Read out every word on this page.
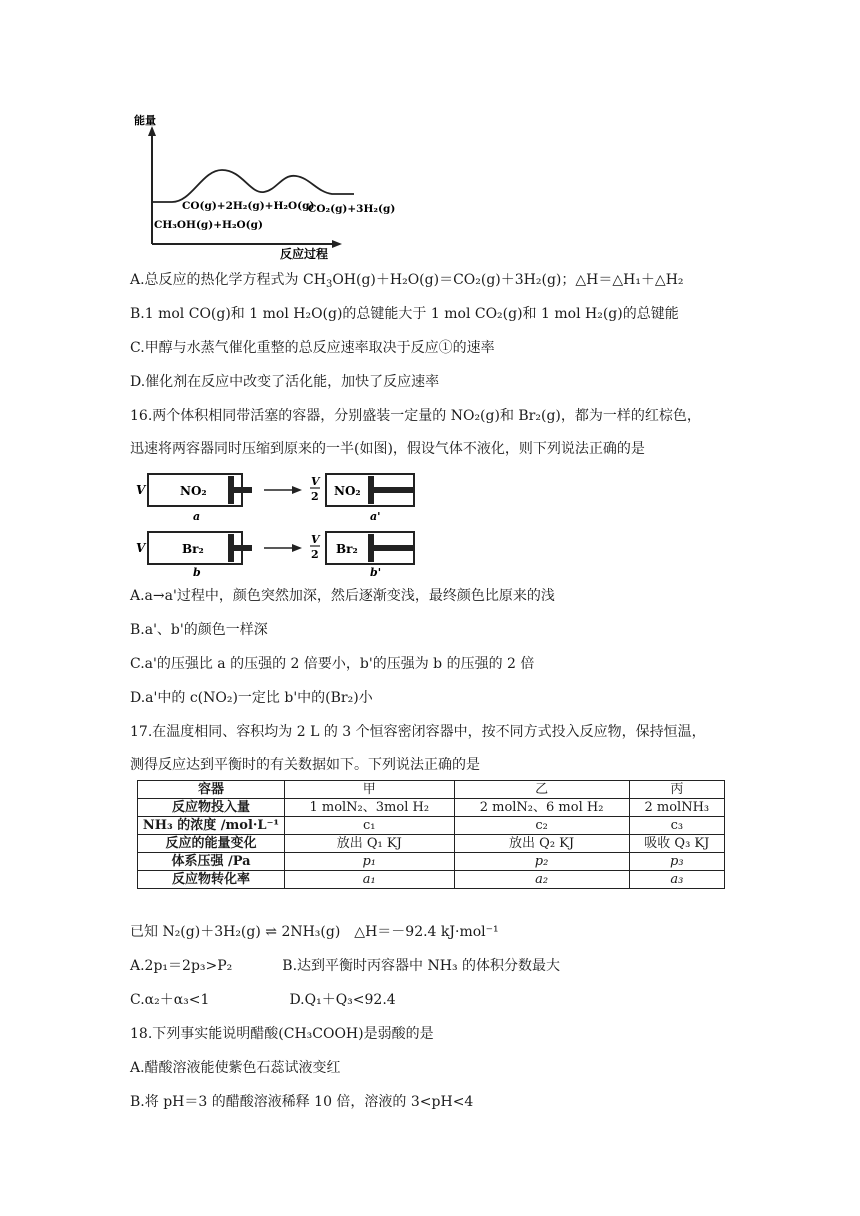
能量
CO(g)+2H₂(g)+H₂O(g)
CO₂(g)+3H₂(g)
CH₃OH(g)+H₂O(g)
反应过程
A.总反应的热化学方程式为 $CH_3OH(g)+H_2O(g)=CO_2(g)+3H_2(g)$；△H＝△H₁＋△H₂
B.1 mol CO(g)和 1 mol H₂O(g)的总键能大于 1 mol CO₂(g)和 1 mol H₂(g)的总键能
C.甲醇与水蒸气催化重整的总反应速率取决于反应①的速率
D.催化剂在反应中改变了活化能，加快了反应速率
16.两个体积相同带活塞的容器，分别盛装一定量的 NO₂(g)和 Br₂(g)，都为一样的红棕色，
迅速将两容器同时压缩到原来的一半(如图)，假设气体不液化，则下列说法正确的是
V	NO₂
a
V
2 NO₂
a'
V	Br₂
b
V
2 Br₂
b'
A.a→a'过程中，颜色突然加深，然后逐渐变浅，最终颜色比原来的浅
B.a'、b'的颜色一样深
C.a'的压强比 a 的压强的 2 倍要小，b'的压强为 b 的压强的 2 倍
D.a'中的 c(NO₂)一定比 b'中的(Br₂)小
17.在温度相同、容积均为 2 L 的 3 个恒容密闭容器中，按不同方式投入反应物，保持恒温，
测得反应达到平衡时的有关数据如下。下列说法正确的是
容器	甲	乙	丙
反应物投入量	1 molN₂、3mol H₂	2 molN₂、6 mol H₂	2 molNH₃
NH₃ 的浓度 /mol·L⁻¹	c₁	c₂	c₃
反应的能量变化	放出 Q₁ KJ	放出 Q₂ KJ	吸收 Q₃ KJ
体系压强 /Pa	p₁	p₂	p₃
反应物转化率	a₁	a₂	a₃
已知 N₂(g)＋3H₂(g) ⇌ 2NH₃(g)　△H＝－92.4 kJ·mol⁻¹
A.2p₁＝2p₃>P₂	B.达到平衡时丙容器中 NH₃ 的体积分数最大
C.α₂＋α₃<1	D.Q₁＋Q₃<92.4
18.下列事实能说明醋酸(CH₃COOH)是弱酸的是
A.醋酸溶液能使紫色石蕊试液变红
B.将 pH＝3 的醋酸溶液稀释 10 倍，溶液的 3<pH<4
